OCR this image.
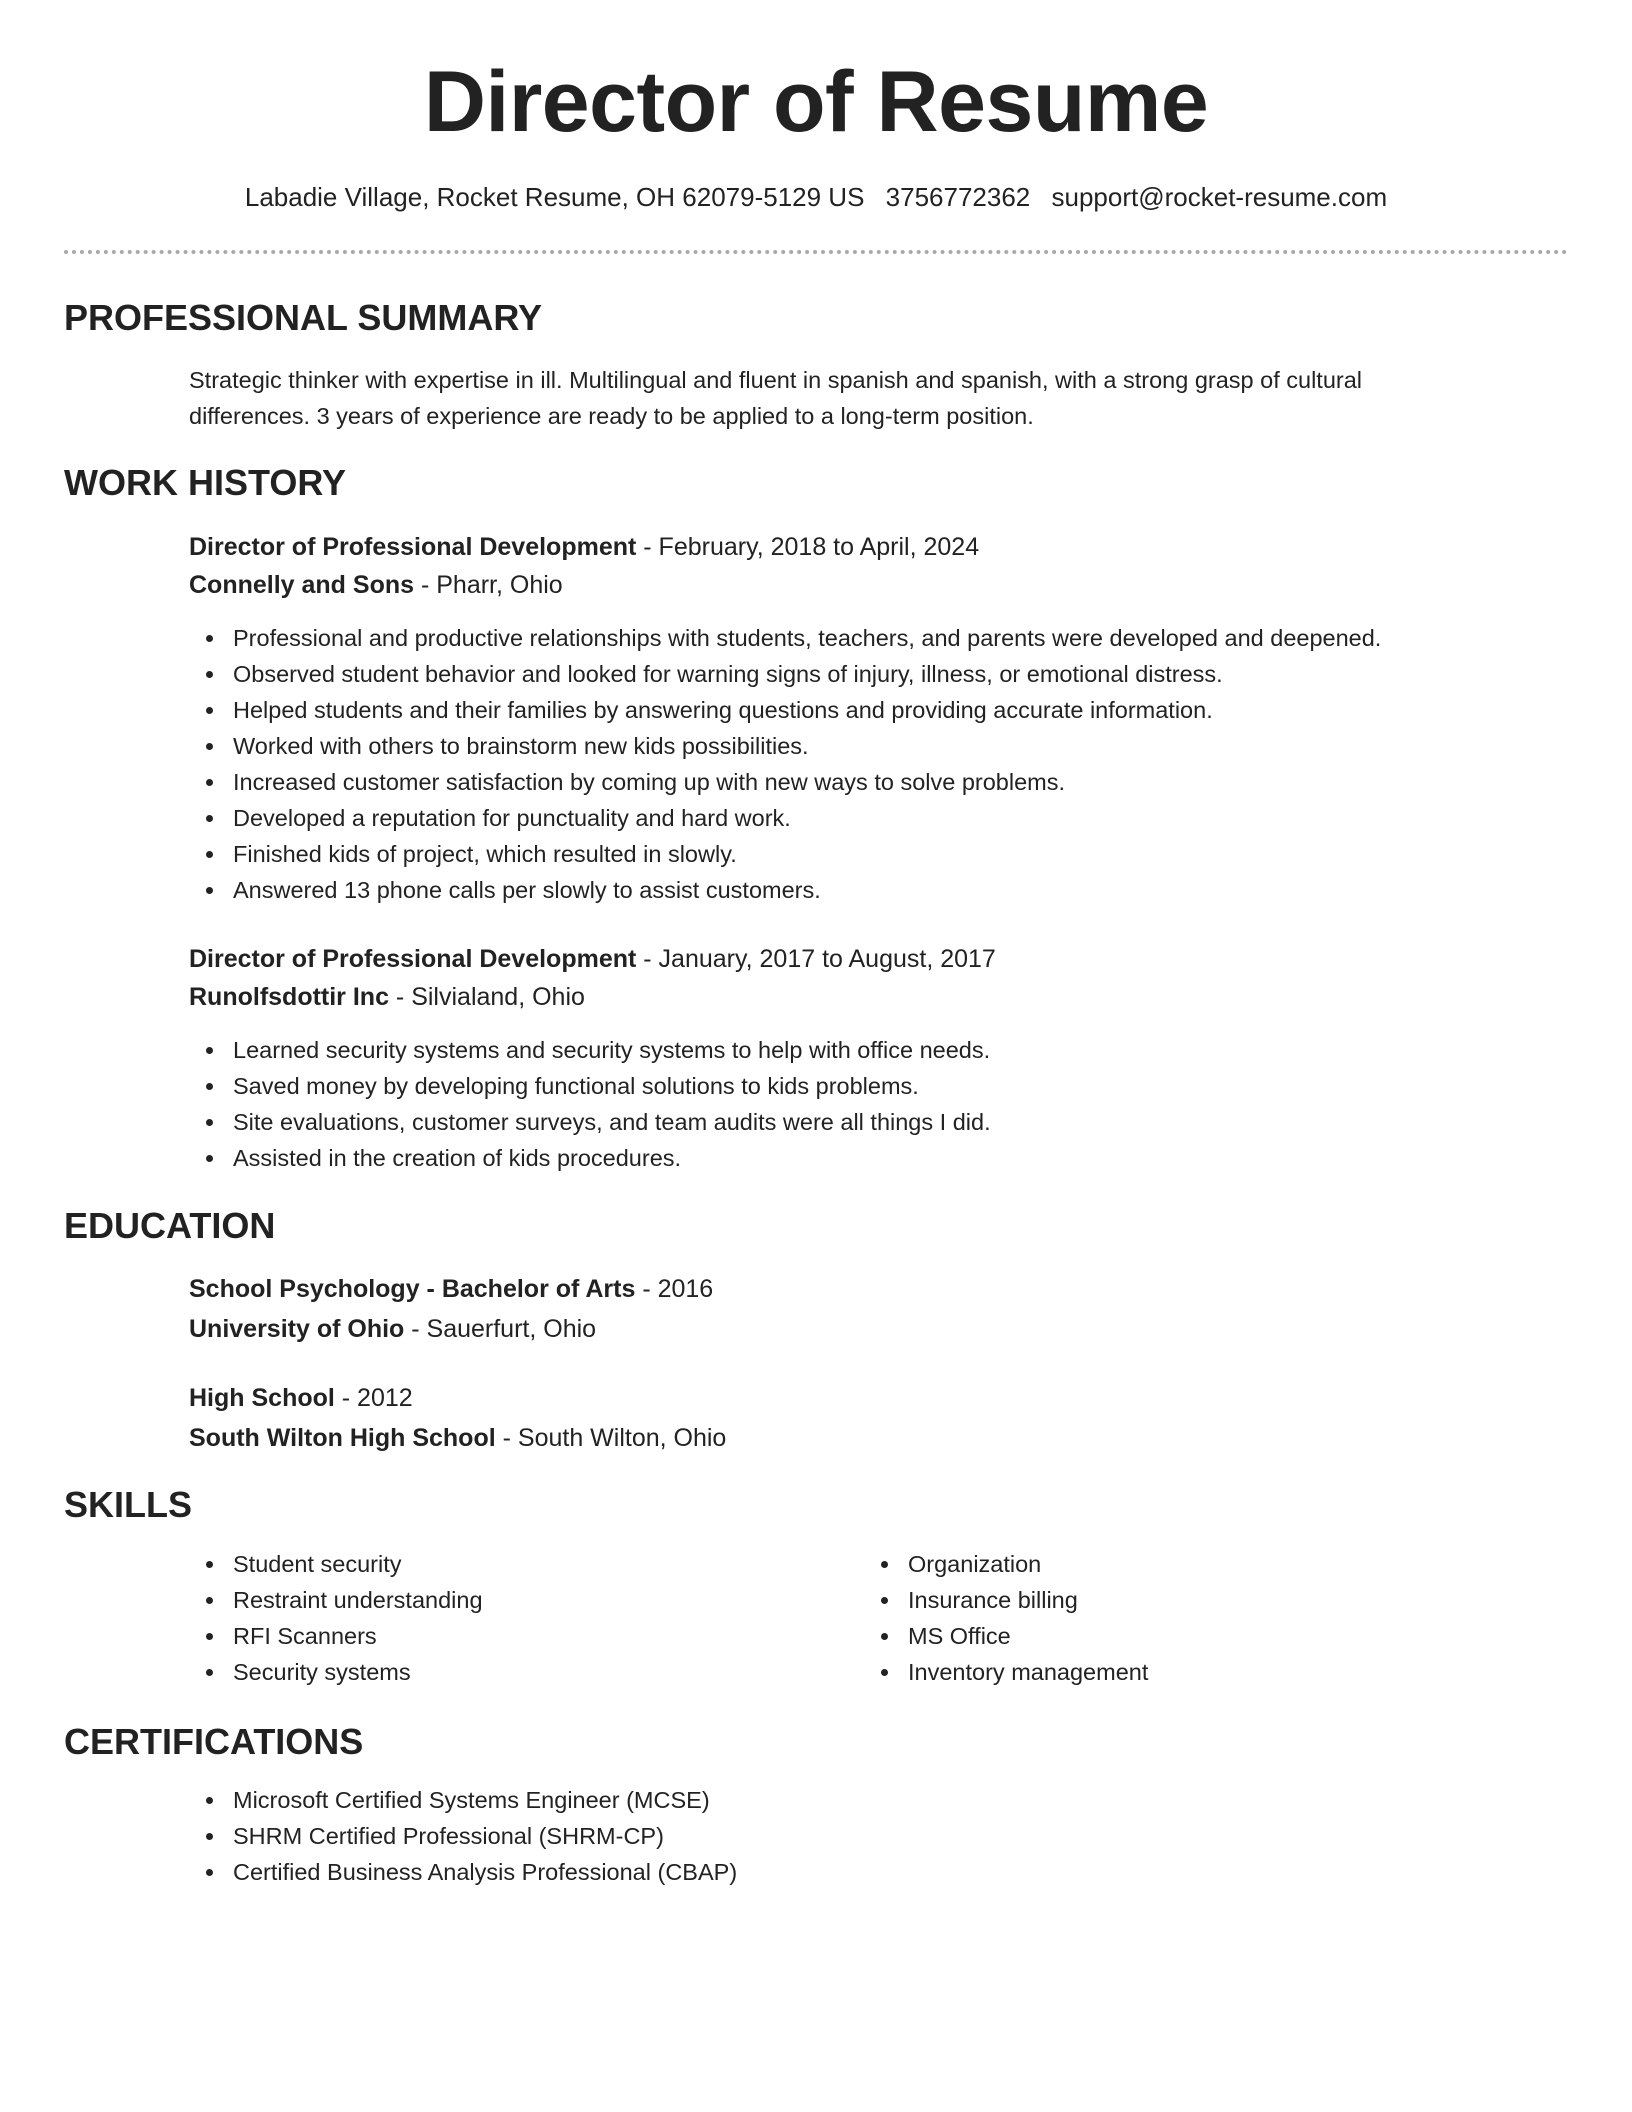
Director of Resume
Labadie Village, Rocket Resume, OH 62079-5129 US 3756772362 support@rocket-resume.com
PROFESSIONAL SUMMARY
Strategic thinker with expertise in ill. Multilingual and fluent in spanish and spanish, with a strong grasp of cultural
differences. 3 years of experience are ready to be applied to a long-term position.
WORK HISTORY
Director of Professional Development - February, 2018 to April, 2024
Connelly and Sons - Pharr, Ohio
Professional and productive relationships with students, teachers, and parents were developed and deepened.
Observed student behavior and looked for warning signs of injury, illness, or emotional distress.
Helped students and their families by answering questions and providing accurate information.
Worked with others to brainstorm new kids possibilities.
Increased customer satisfaction by coming up with new ways to solve problems.
Developed a reputation for punctuality and hard work.
Finished kids of project, which resulted in slowly.
Answered 13 phone calls per slowly to assist customers.
Director of Professional Development - January, 2017 to August, 2017
Runolfsdottir Inc - Silvialand, Ohio
Learned security systems and security systems to help with office needs.
Saved money by developing functional solutions to kids problems.
Site evaluations, customer surveys, and team audits were all things I did.
Assisted in the creation of kids procedures.
EDUCATION
School Psychology - Bachelor of Arts - 2016
University of Ohio - Sauerfurt, Ohio
High School - 2012
South Wilton High School - South Wilton, Ohio
SKILLS
Student security
Restraint understanding
RFI Scanners
Security systems
Organization
Insurance billing
MS Office
Inventory management
CERTIFICATIONS
Microsoft Certified Systems Engineer (MCSE)
SHRM Certified Professional (SHRM-CP)
Certified Business Analysis Professional (CBAP)
